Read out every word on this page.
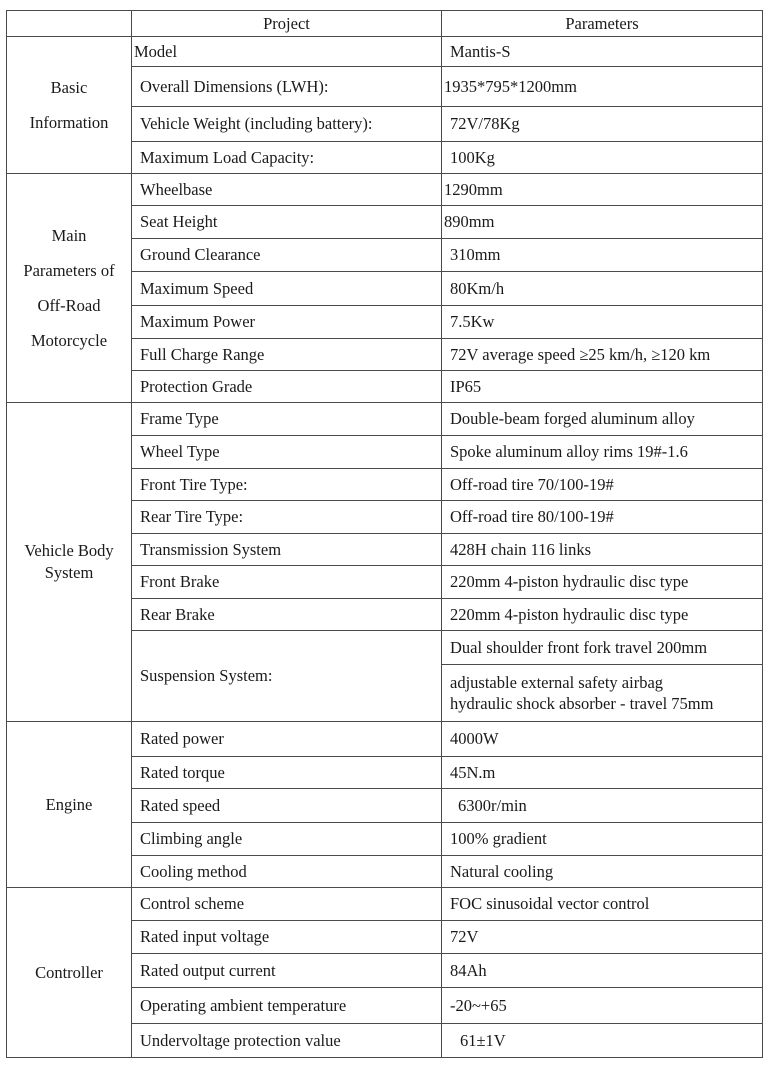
	Project	Parameters

Basic
Information	Model	Mantis-S
	Overall Dimensions (LWH):	1935*795*1200mm
	Vehicle Weight (including battery):	72V/78Kg
	Maximum Load Capacity:	100Kg

Main
Parameters of
Off-Road
Motorcycle	Wheelbase	1290mm
	Seat Height	890mm
	Ground Clearance	310mm
	Maximum Speed	80Km/h
	Maximum Power	7.5Kw
	Full Charge Range	72V average speed ≥25 km/h, ≥120 km
	Protection Grade	IP65

Vehicle Body
System	Frame Type	Double-beam forged aluminum alloy
	Wheel Type	Spoke aluminum alloy rims 19#-1.6
	Front Tire Type:	Off-road tire 70/100-19#
	Rear Tire Type:	Off-road tire 80/100-19#
	Transmission System	428H chain 116 links
	Front Brake	220mm 4-piston hydraulic disc type
	Rear Brake	220mm 4-piston hydraulic disc type
	Suspension System:	Dual shoulder front fork travel 200mm

		adjustable external safety airbag
hydraulic shock absorber - travel 75mm

Engine	Rated power	4000W
	Rated torque	45N.m
	Rated speed	6300r/min
	Climbing angle	100% gradient
	Cooling method	Natural cooling

Controller	Control scheme	FOC sinusoidal vector control
	Rated input voltage	72V
	Rated output current	84Ah
	Operating ambient temperature	-20~+65
	Undervoltage protection value	61±1V
